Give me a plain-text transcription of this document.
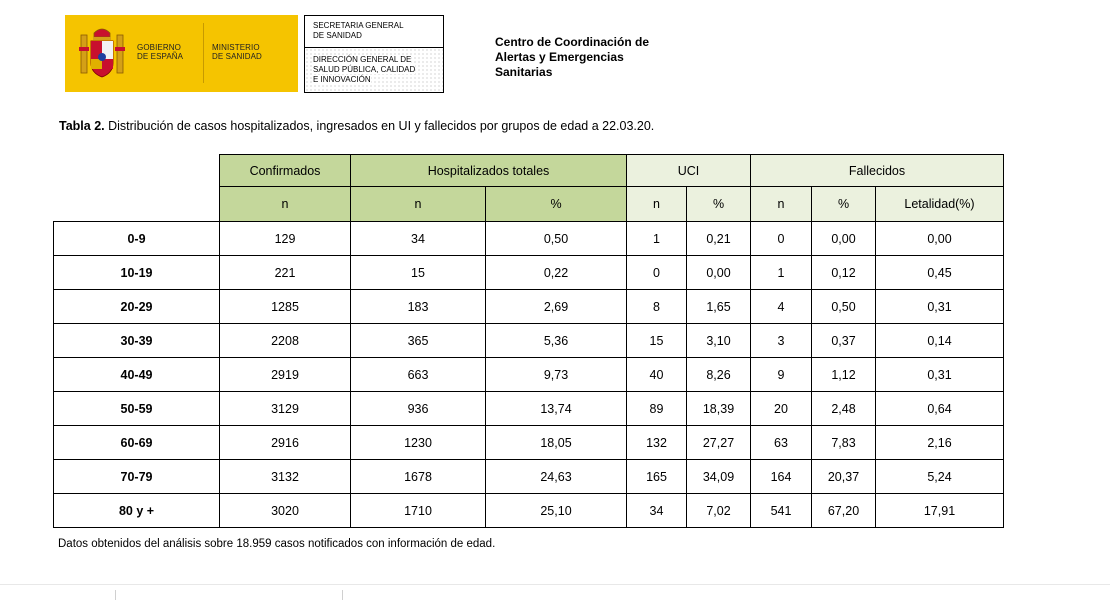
GOBIERNO
DE ESPAÑA
MINISTERIO
DE SANIDAD
SECRETARIA GENERAL
DE SANIDAD
DIRECCIÓN GENERAL DE
SALUD PÚBLICA, CALIDAD
E INNOVACIÓN
Centro de Coordinación de
Alertas y Emergencias
Sanitarias
Tabla 2. Distribución de casos hospitalizados, ingresados en UI y fallecidos por grupos de edad a 22.03.20.
	Confirmados	Hospitalizados totales		UCI		Fallecidos		
	n	n	%	n	%	n	%	Letalidad(%)
0-9	129	34	0,50	1	0,21	0	0,00	0,00
10-19	221	15	0,22	0	0,00	1	0,12	0,45
20-29	1285	183	2,69	8	1,65	4	0,50	0,31
30-39	2208	365	5,36	15	3,10	3	0,37	0,14
40-49	2919	663	9,73	40	8,26	9	1,12	0,31
50-59	3129	936	13,74	89	18,39	20	2,48	0,64
60-69	2916	1230	18,05	132	27,27	63	7,83	2,16
70-79	3132	1678	24,63	165	34,09	164	20,37	5,24
80 y +	3020	1710	25,10	34	7,02	541	67,20	17,91
Datos obtenidos del análisis sobre 18.959 casos notificados con información de edad.
